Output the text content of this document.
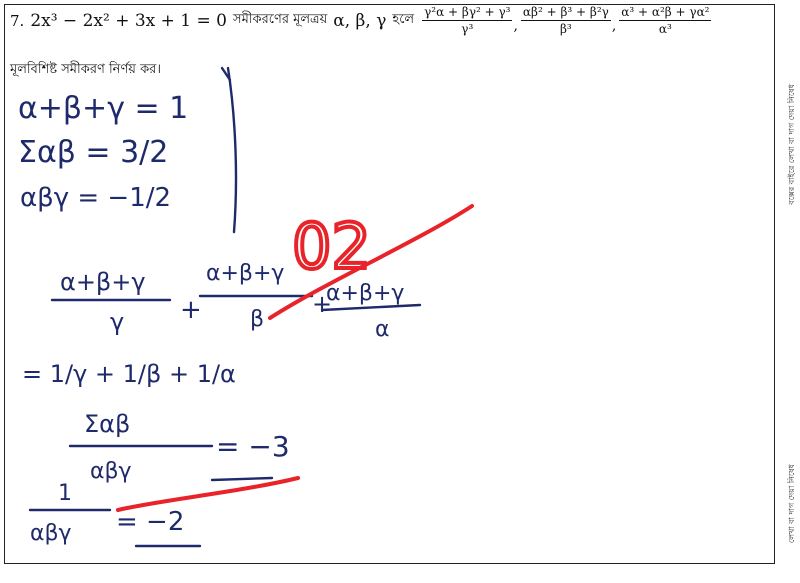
7. 2x³ − 2x² + 3x + 1 = 0 সমীকরণের মূলত্রয় α, β, γ হলে $\frac{\text{γ²α + βγ² + γ³}}{\text{γ³}}$ , $\frac{\text{αβ² + β³ + β²γ}}{\text{β³}}$ , $\frac{\text{α³ + α²β + γα²}}{\text{α³}}$
মূলবিশিষ্ট সমীকরণ নির্ণয় কর।
α+β+γ = 1
Σαβ = 3/2
αβγ = −1/2
α+β+γ
γ +
α+β+γ
β
+
α+β+γ
α
= 1/γ + 1/β + 1/α
Σαβ
αβγ
= −3
1
αβγ = −2
02
বক্সের বাইরে লেখা বা দাগ দেয়া নিষেধ
লেখা বা দাগ দেয়া নিষেধ
